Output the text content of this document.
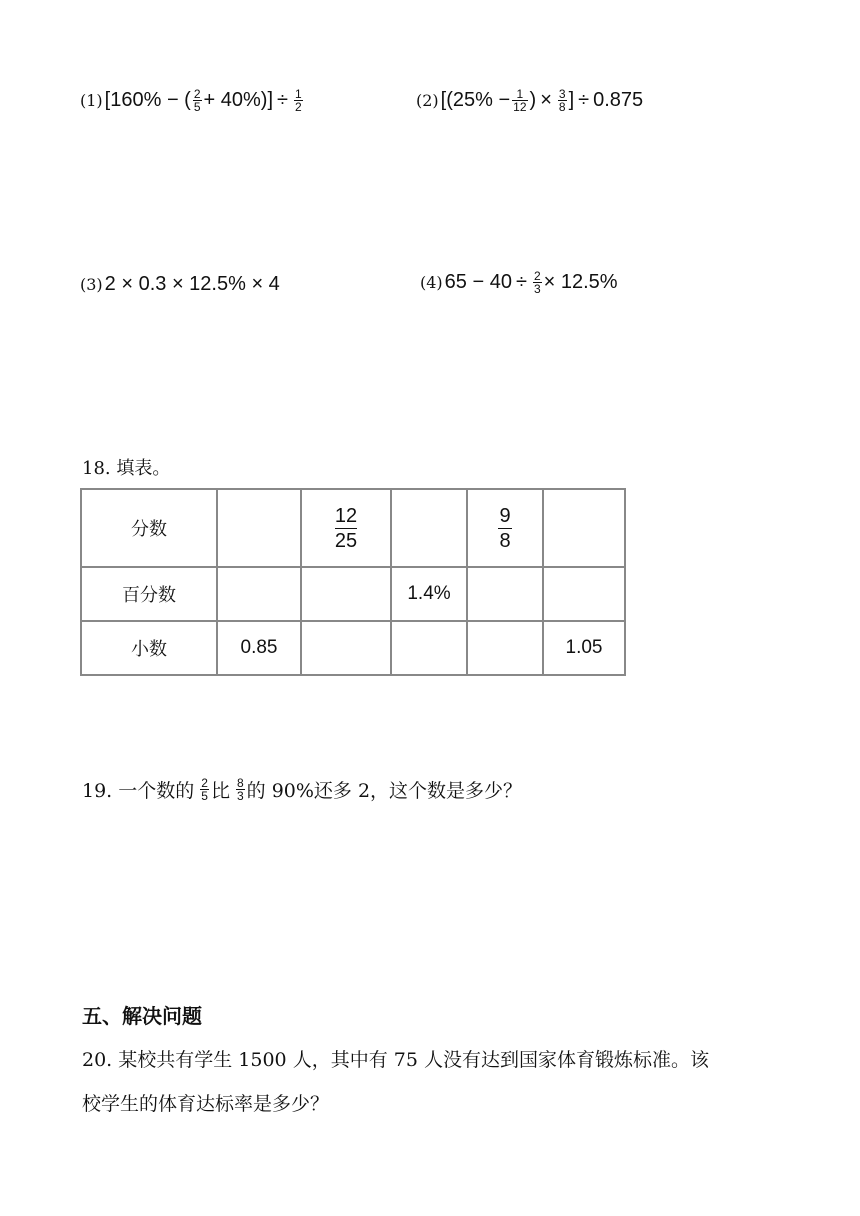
(1) [160% − ( $\frac{2}{5} + 40\%)] \div \frac{1}{2}$	(2) [($25\% - \frac{1}{12}$ ) × $\frac{3}{8}$ ] ÷ 0.875
(3) 2 × 0.3 × 12.5% × 4	(4) $65 - 40 \div \frac{2}{3} \times 12.5\%$
18. 填表。
分数		$\frac{12}{25}$		$\frac{9}{8}$

百分数			1.4%		
小数	0.85				1.05
19. 一个数的 $\frac{2}{5}$ 比 $\frac{8}{3}$ 的 90%还多 2，这个数是多少？
五、解决问题
20. 某校共有学生 1500 人，其中有 75 人没有达到国家体育锻炼标准。该
校学生的体育达标率是多少？
